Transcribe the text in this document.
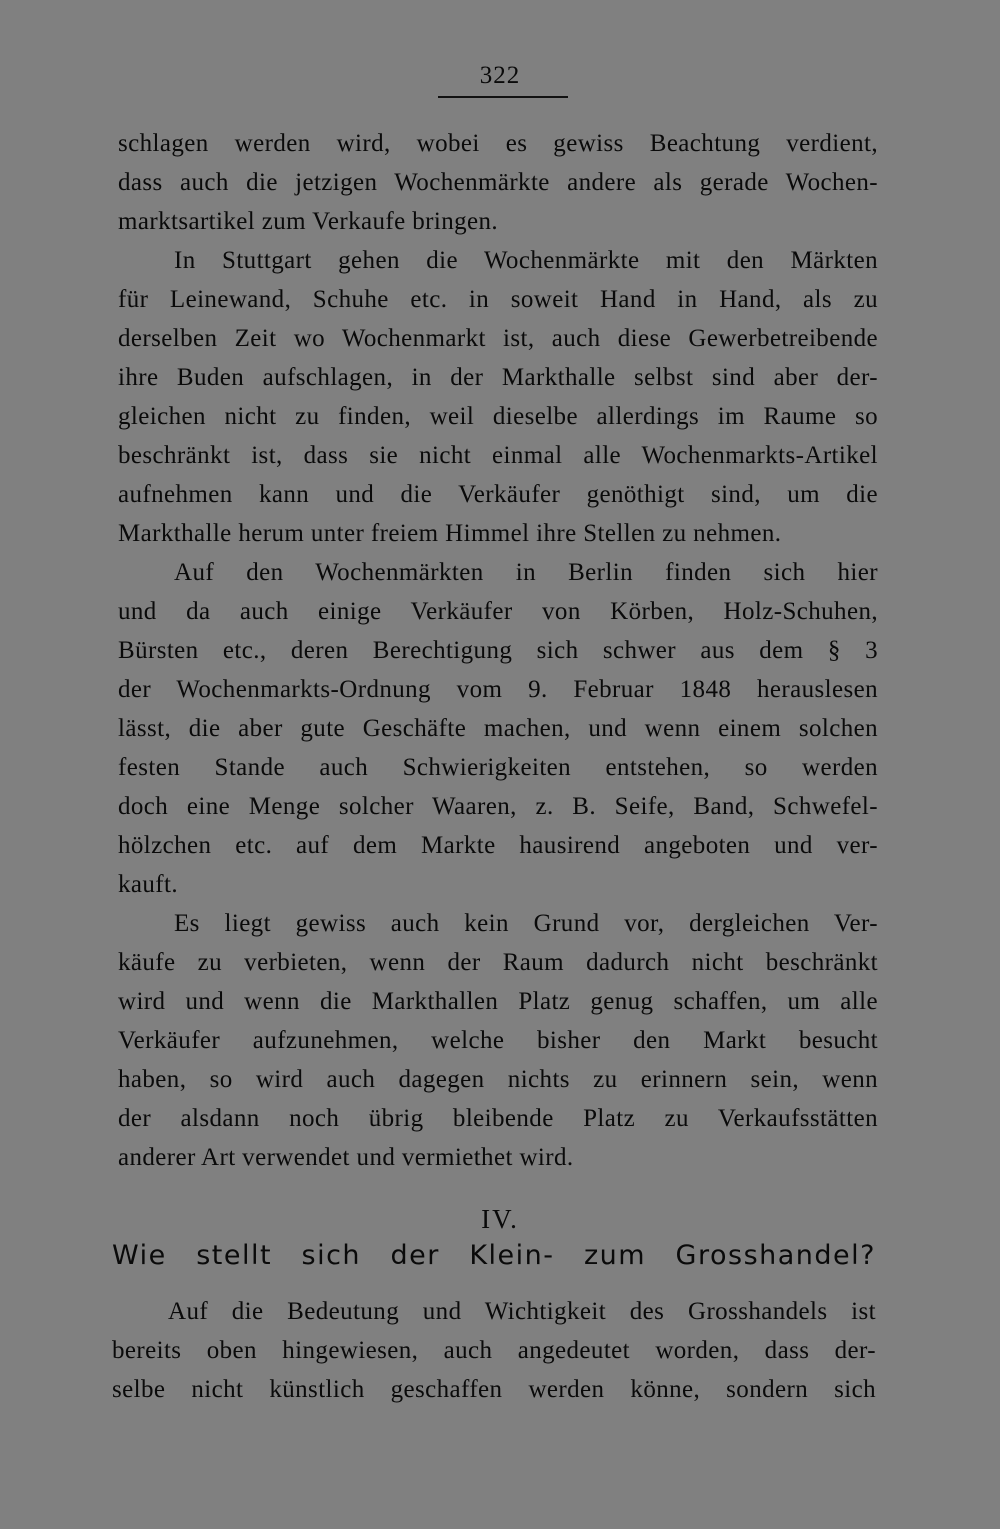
322
schlagen werden wird, wobei es gewiss Beachtung verdient,
dass auch die jetzigen Wochenmärkte andere als gerade Wochen-
marktsartikel zum Verkaufe bringen.
In Stuttgart gehen die Wochenmärkte mit den Märkten
für Leinewand, Schuhe etc. in soweit Hand in Hand, als zu
derselben Zeit wo Wochenmarkt ist, auch diese Gewerbetreibende
ihre Buden aufschlagen, in der Markthalle selbst sind aber der-
gleichen nicht zu finden, weil dieselbe allerdings im Raume so
beschränkt ist, dass sie nicht einmal alle Wochenmarkts-Artikel
aufnehmen kann und die Verkäufer genöthigt sind, um die
Markthalle herum unter freiem Himmel ihre Stellen zu nehmen.
Auf den Wochenmärkten in Berlin finden sich hier
und da auch einige Verkäufer von Körben, Holz-Schuhen,
Bürsten etc., deren Berechtigung sich schwer aus dem § 3
der Wochenmarkts-Ordnung vom 9. Februar 1848 herauslesen
lässt, die aber gute Geschäfte machen, und wenn einem solchen
festen Stande auch Schwierigkeiten entstehen, so werden
doch eine Menge solcher Waaren, z. B. Seife, Band, Schwefel-
hölzchen etc. auf dem Markte hausirend angeboten und ver-
kauft.
Es liegt gewiss auch kein Grund vor, dergleichen Ver-
käufe zu verbieten, wenn der Raum dadurch nicht beschränkt
wird und wenn die Markthallen Platz genug schaffen, um alle
Verkäufer aufzunehmen, welche bisher den Markt besucht
haben, so wird auch dagegen nichts zu erinnern sein, wenn
der alsdann noch übrig bleibende Platz zu Verkaufsstätten
anderer Art verwendet und vermiethet wird.
IV.
Wie stellt sich der Klein- zum Grosshandel?
Auf die Bedeutung und Wichtigkeit des Grosshandels ist
bereits oben hingewiesen, auch angedeutet worden, dass der-
selbe nicht künstlich geschaffen werden könne, sondern sich
